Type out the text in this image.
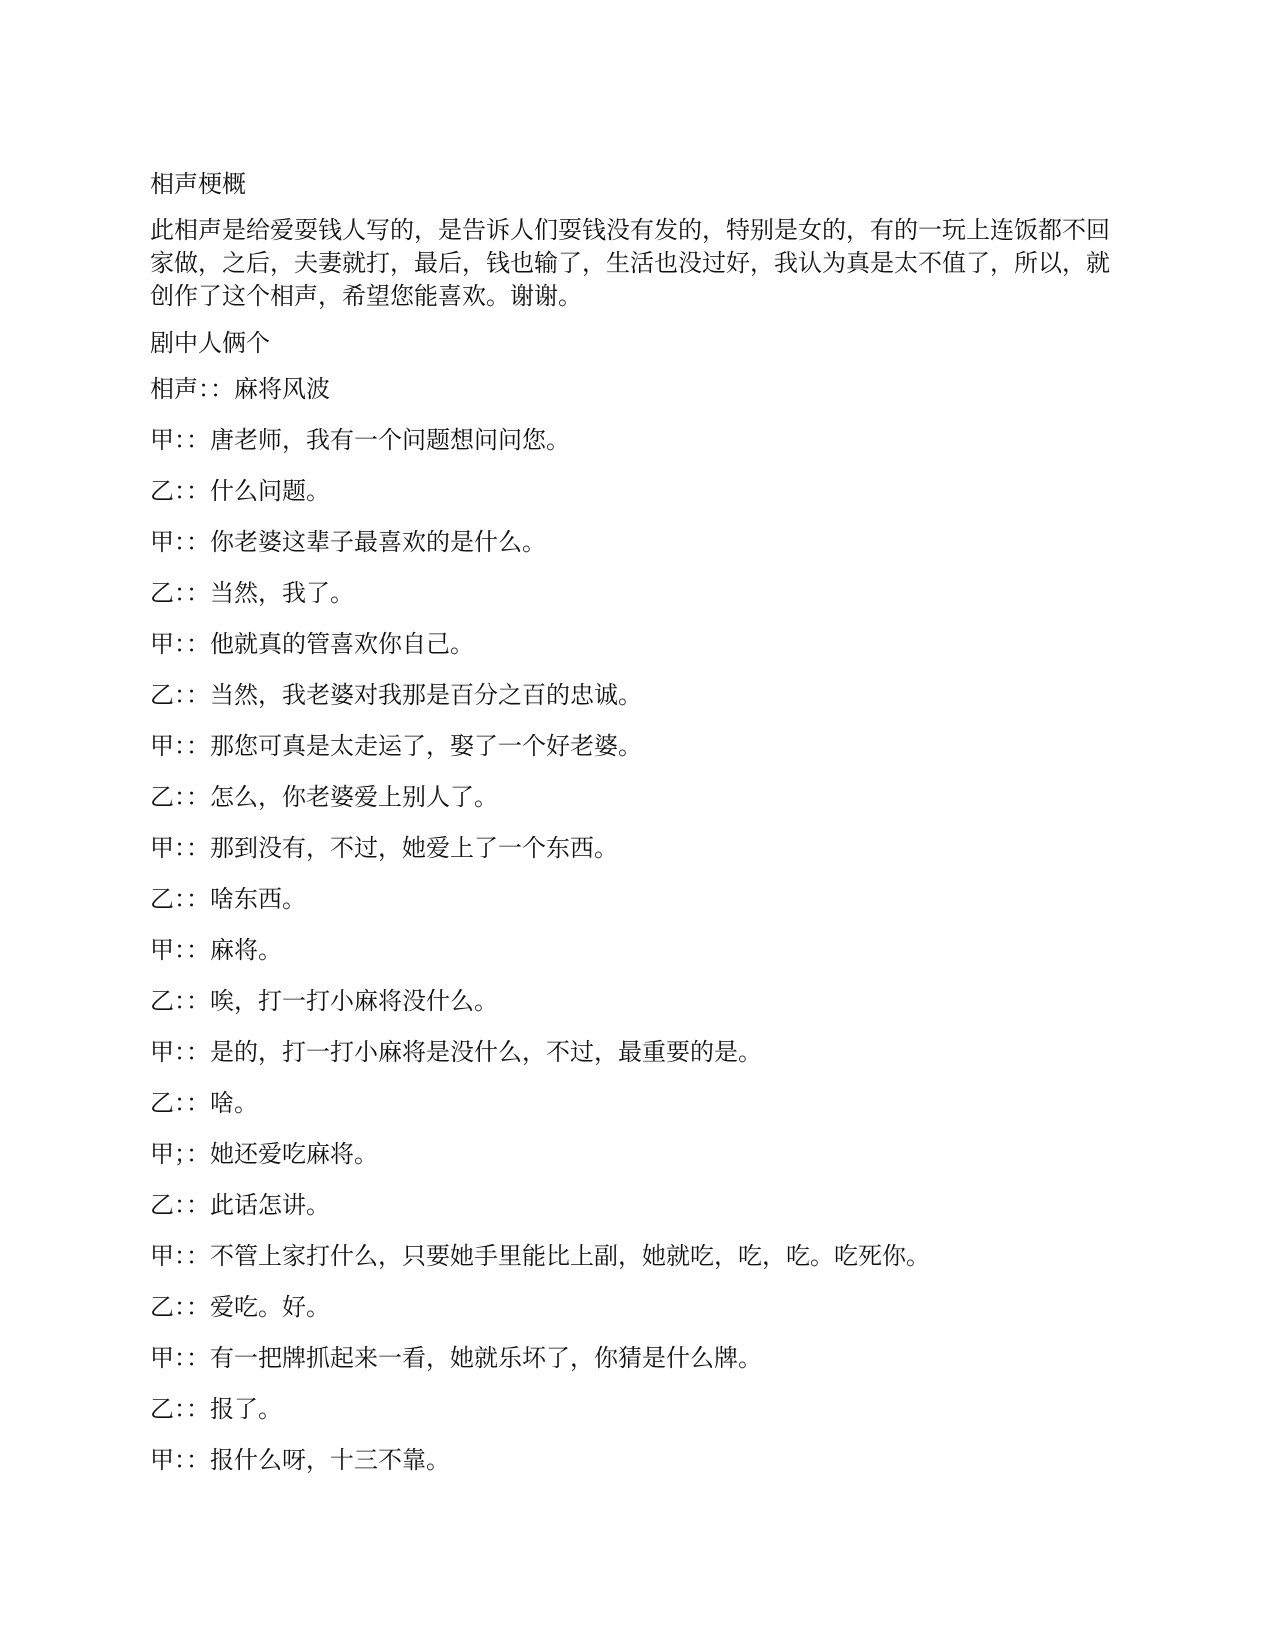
相声梗概
此相声是给爱耍钱人写的，是告诉人们耍钱没有发的，特别是女的，有的一玩上连饭都不回家做，之后，夫妻就打，最后，钱也输了，生活也没过好，我认为真是太不值了，所以，就创作了这个相声，希望您能喜欢。谢谢。
剧中人俩个
相声：：麻将风波
甲：：唐老师，我有一个问题想问问您。
乙：：什么问题。
甲：：你老婆这辈子最喜欢的是什么。
乙：：当然，我了。
甲：：他就真的管喜欢你自己。
乙：：当然，我老婆对我那是百分之百的忠诚。
甲：：那您可真是太走运了，娶了一个好老婆。
乙：：怎么，你老婆爱上别人了。
甲：：那到没有，不过，她爱上了一个东西。
乙：：啥东西。
甲：：麻将。
乙：：唉，打一打小麻将没什么。
甲：：是的，打一打小麻将是没什么，不过，最重要的是。
乙：：啥。
甲；：她还爱吃麻将。
乙：：此话怎讲。
甲：：不管上家打什么，只要她手里能比上副，她就吃，吃，吃。吃死你。
乙：：爱吃。好。
甲：：有一把牌抓起来一看，她就乐坏了，你猜是什么牌。
乙：：报了。
甲：：报什么呀，十三不靠。
